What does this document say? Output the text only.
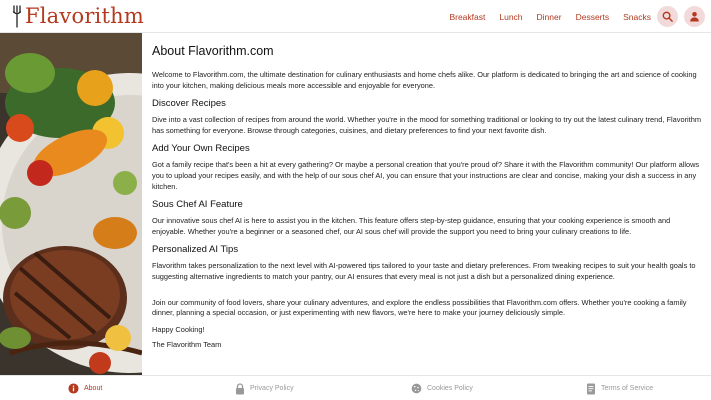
Flavorithm	Breakfast Lunch Dinner Desserts Snacks
About Flavorithm.com

Welcome to Flavorithm.com, the ultimate destination for culinary enthusiasts and home chefs alike. Our platform is dedicated to bringing the art and science of cooking into your kitchen, making delicious meals more accessible and enjoyable for everyone.

Discover Recipes

Dive into a vast collection of recipes from around the world. Whether you're in the mood for something traditional or looking to try out the latest culinary trend, Flavorithm has something for everyone. Browse through categories, cuisines, and dietary preferences to find your next favorite dish.

Add Your Own Recipes

Got a family recipe that's been a hit at every gathering? Or maybe a personal creation that you're proud of? Share it with the Flavorithm community! Our platform allows you to upload your recipes easily, and with the help of our sous chef AI, you can ensure that your instructions are clear and concise, making your dish a success in any kitchen.

Sous Chef AI Feature

Our innovative sous chef AI is here to assist you in the kitchen. This feature offers step-by-step guidance, ensuring that your cooking experience is smooth and enjoyable. Whether you're a beginner or a seasoned chef, our AI sous chef will provide the support you need to bring your culinary creations to life.

Personalized AI Tips

Flavorithm takes personalization to the next level with AI-powered tips tailored to your taste and dietary preferences. From tweaking recipes to suit your health goals to suggesting alternative ingredients to match your pantry, our AI ensures that every meal is not just a dish but a personalized dining experience.

Join our community of food lovers, share your culinary adventures, and explore the endless possibilities that Flavorithm.com offers. Whether you're cooking a family dinner, planning a special occasion, or just experimenting with new flavors, we're here to make your journey deliciously simple.

Happy Cooking!

The Flavorithm Team

About	Privacy Policy	Cookies Policy	Terms of Service
